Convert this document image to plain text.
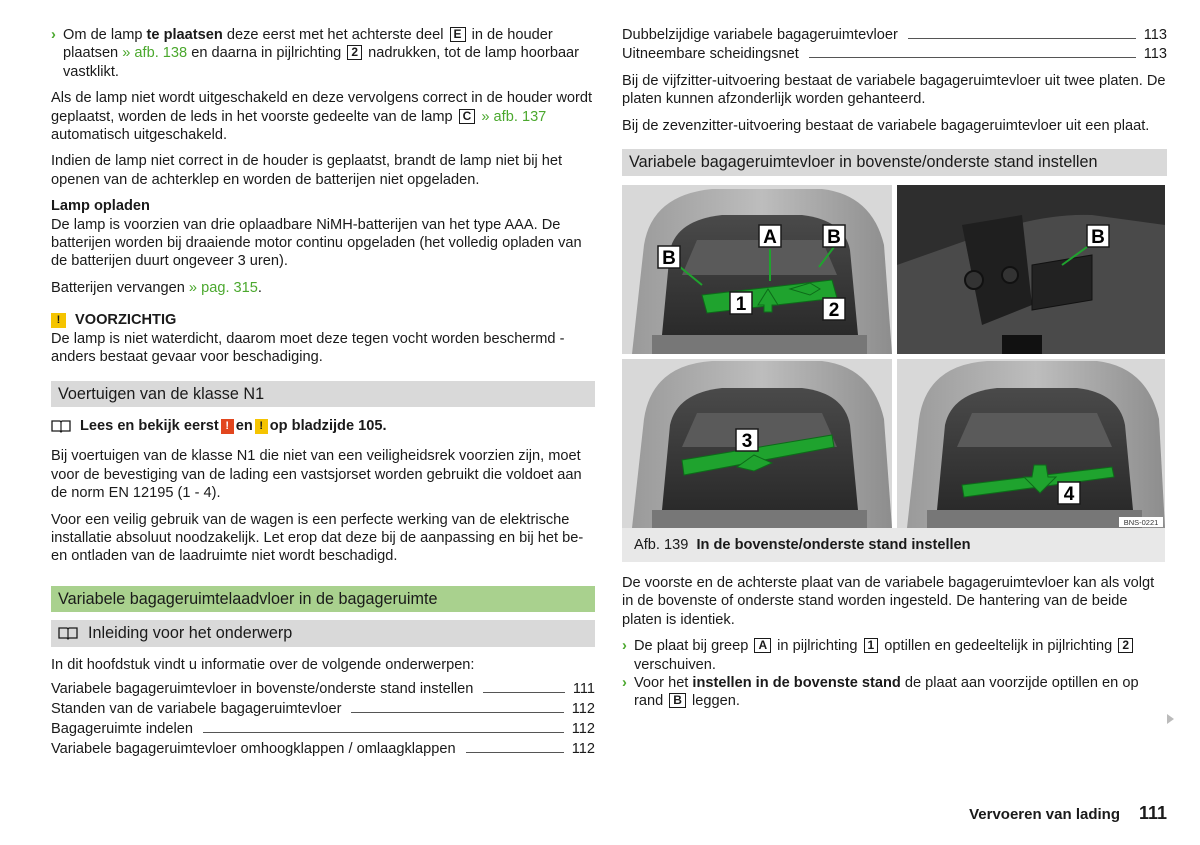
› Om de lamp te plaatsen deze eerst met het achterste deel E in de houder plaatsen » afb. 138 en daarna in pijlrichting 2 nadrukken, tot de lamp hoorbaar vastklikt.

Als de lamp niet wordt uitgeschakeld en deze vervolgens correct in de houder wordt geplaatst, worden de leds in het voorste gedeelte van de lamp C » afb. 137 automatisch uitgeschakeld.

Indien de lamp niet correct in de houder is geplaatst, brandt de lamp niet bij het openen van de achterklep en worden de batterijen niet opgeladen.

Lamp opladen

De lamp is voorzien van drie oplaadbare NiMH-batterijen van het type AAA. De batterijen worden bij draaiende motor continu opgeladen (het volledig opladen van de batterijen duurt ongeveer 3 uren).

Batterijen vervangen » pag. 315.

!	VOORZICHTIG

De lamp is niet waterdicht, daarom moet deze tegen vocht worden beschermd - anders bestaat gevaar voor beschadiging.

Voertuigen van de klasse N1
Lees en bekijk eerst ! en ! op bladzijde 105.

Bij voertuigen van de klasse N1 die niet van een veiligheidsrek voorzien zijn, moet voor de bevestiging van de lading een vastsjorset worden gebruikt die voldoet aan de norm EN 12195 (1 - 4).

Voor een veilig gebruik van de wagen is een perfecte werking van de elektrische installatie absoluut noodzakelijk. Let erop dat deze bij de aanpassing en bij het be- en ontladen van de laadruimte niet wordt beschadigd.

Variabele bagageruimtelaadvloer in de bagageruimte
Inleiding voor het onderwerp

In dit hoofdstuk vindt u informatie over de volgende onderwerpen:

Variabele bagageruimtevloer in bovenste/onderste stand instellen	111
Standen van de variabele bagageruimtevloer	112
Bagageruimte indelen	112
Variabele bagageruimtevloer omhoogklappen / omlaagklappen	112
Dubbelzijdige variabele bagageruimtevloer	113
Uitneembare scheidingsnet	113

Bij de vijfzitter-uitvoering bestaat de variabele bagageruimtevloer uit twee platen. De platen kunnen afzonderlijk worden gehanteerd.

Bij de zevenzitter-uitvoering bestaat de variabele bagageruimtevloer uit een plaat.

Variabele bagageruimtevloer in bovenste/onderste stand instellen
A	B
B
1	2
B
3
4
BNS-0221
Afb. 139 In de bovenste/onderste stand instellen

De voorste en de achterste plaat van de variabele bagageruimtevloer kan als volgt in de bovenste of onderste stand worden ingesteld. De hantering van de beide platen is identiek.

› De plaat bij greep A in pijlrichting 1 optillen en gedeeltelijk in pijlrichting 2 verschuiven.
› Voor het instellen in de bovenste stand de plaat aan voorzijde optillen en op rand B leggen.
Vervoeren van lading 111
